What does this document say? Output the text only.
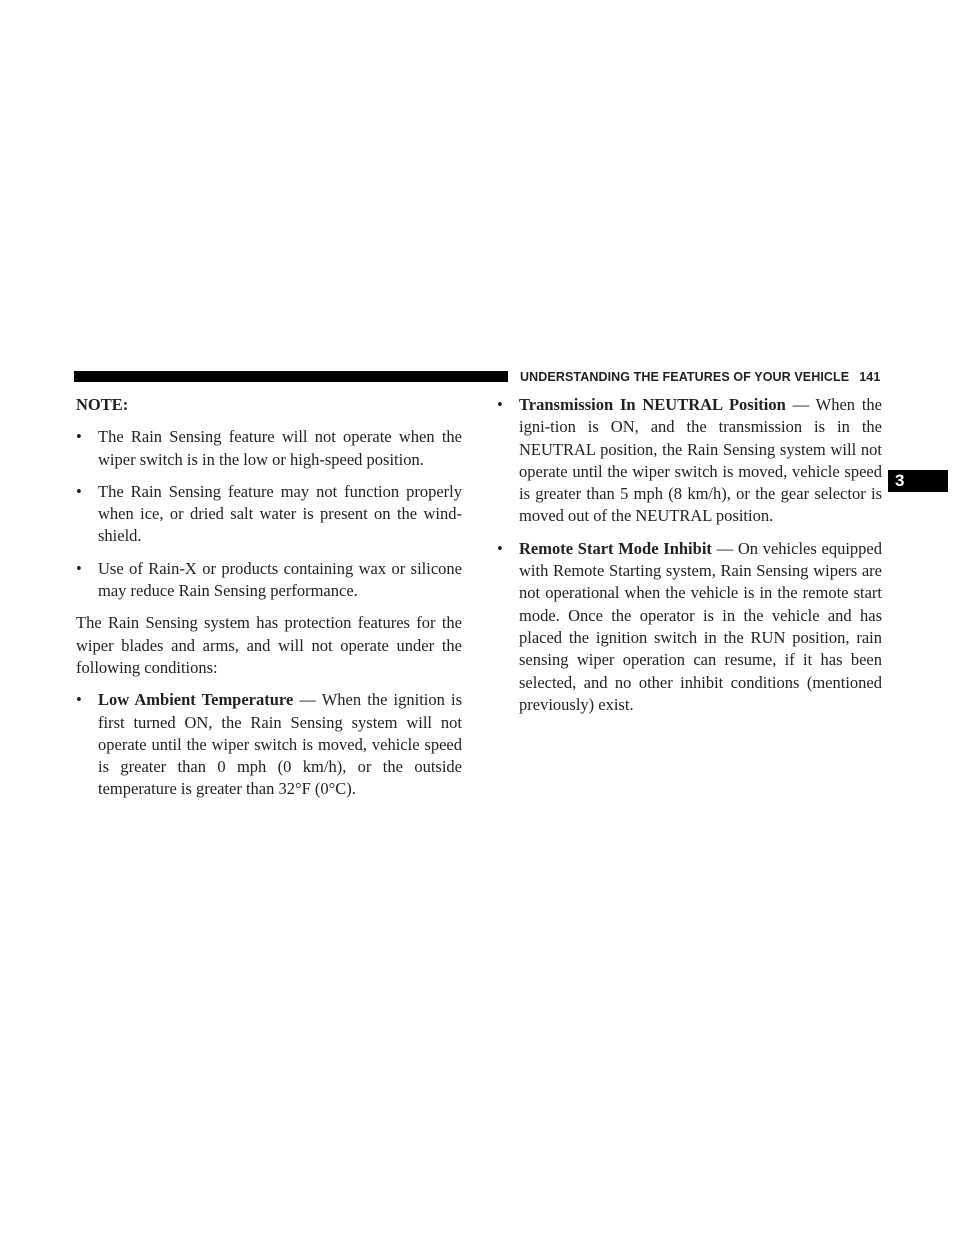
UNDERSTANDING THE FEATURES OF YOUR VEHICLE 141
3

NOTE:

• The Rain Sensing feature will not operate when the wiper switch is in the low or high-speed position.
• The Rain Sensing feature may not function properly when ice, or dried salt water is present on the wind-shield.
• Use of Rain-X or products containing wax or silicone may reduce Rain Sensing performance.

The Rain Sensing system has protection features for the wiper blades and arms, and will not operate under the following conditions:

• Low Ambient Temperature — When the ignition is first turned ON, the Rain Sensing system will not operate until the wiper switch is moved, vehicle speed is greater than 0 mph (0 km/h), or the outside temperature is greater than 32°F (0°C).
• Transmission In NEUTRAL Position — When the igni-tion is ON, and the transmission is in the NEUTRAL position, the Rain Sensing system will not operate until the wiper switch is moved, vehicle speed is greater than 5 mph (8 km/h), or the gear selector is moved out of the NEUTRAL position.
• Remote Start Mode Inhibit — On vehicles equipped with Remote Starting system, Rain Sensing wipers are not operational when the vehicle is in the remote start mode. Once the operator is in the vehicle and has placed the ignition switch in the RUN position, rain sensing wiper operation can resume, if it has been selected, and no other inhibit conditions (mentioned previously) exist.
